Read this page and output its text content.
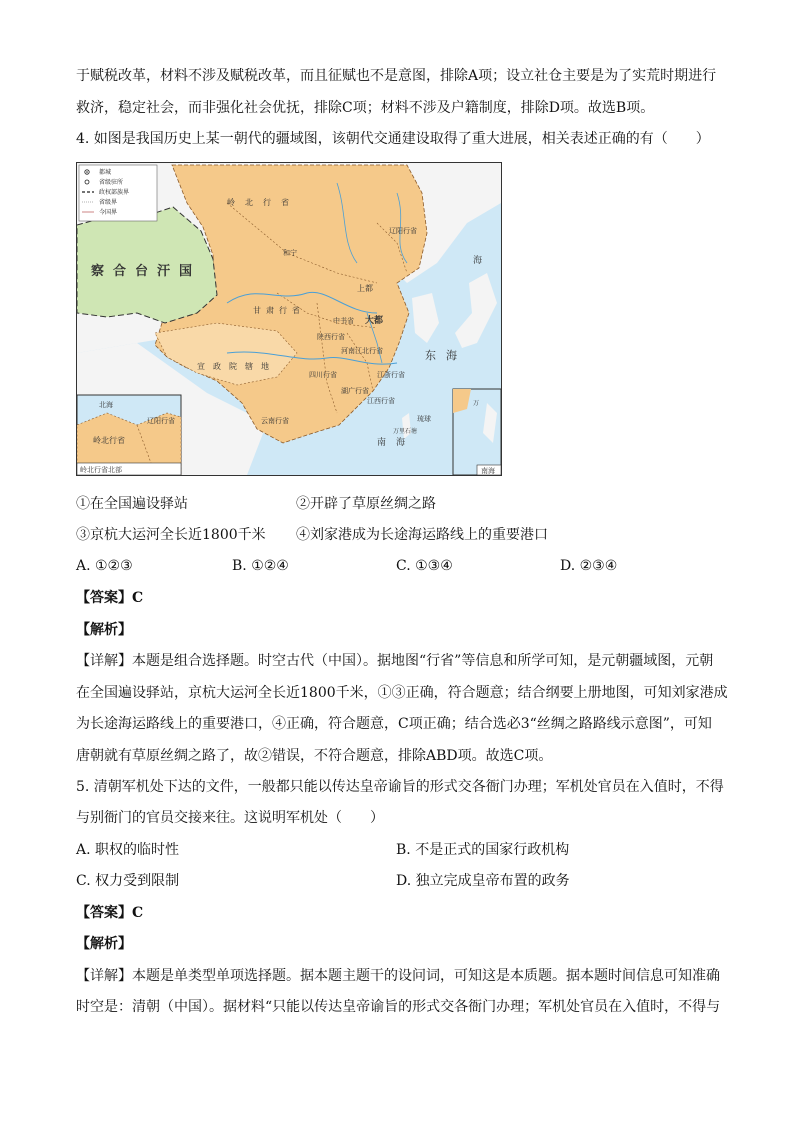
于赋税改革，材料不涉及赋税改革，而且征赋也不是意图，排除A项；设立社仓主要是为了实荒时期进行
救济，稳定社会，而非强化社会优抚，排除C项；材料不涉及户籍制度，排除D项。故选B项。
4. 如图是我国历史上某一朝代的疆域图，该朝代交通建设取得了重大进展，相关表述正确的有（　　）
都城
省级驻所
政权部族界
省级界
今国界
察合台汗国
岭北行省
和宁
上都
大都
甘肃行省
陕西行省
河南江北行省
四川行省
湖广行省
江浙行省
江西行省
云南行省
宣政院辖地
辽阳行省
中书省
东海
南海
琉球
万里石塘
海
北海
辽阳行省
岭北行省
岭北行省北部	南海
万
①在全国遍设驿站	②开辟了草原丝绸之路
③京杭大运河全长近1800千米 ④刘家港成为长途海运路线上的重要港口
A. ①②③	B. ①②④	C. ①③④	D. ②③④
【答案】C
【解析】
【详解】本题是组合选择题。时空古代（中国）。据地图“行省”等信息和所学可知，是元朝疆域图，元朝
在全国遍设驿站，京杭大运河全长近1800千米，①③正确，符合题意；结合纲要上册地图，可知刘家港成
为长途海运路线上的重要港口，④正确，符合题意，C项正确；结合选必3“丝绸之路路线示意图”，可知
唐朝就有草原丝绸之路了，故②错误，不符合题意，排除ABD项。故选C项。
5. 清朝军机处下达的文件，一般都只能以传达皇帝谕旨的形式交各衙门办理；军机处官员在入值时，不得
与别衙门的官员交接来往。这说明军机处（　　）
A. 职权的临时性	B. 不是正式的国家行政机构
C. 权力受到限制	D. 独立完成皇帝布置的政务
【答案】C
【解析】
【详解】本题是单类型单项选择题。据本题主题干的设问词，可知这是本质题。据本题时间信息可知准确
时空是：清朝（中国）。据材料“只能以传达皇帝谕旨的形式交各衙门办理；军机处官员在入值时，不得与
